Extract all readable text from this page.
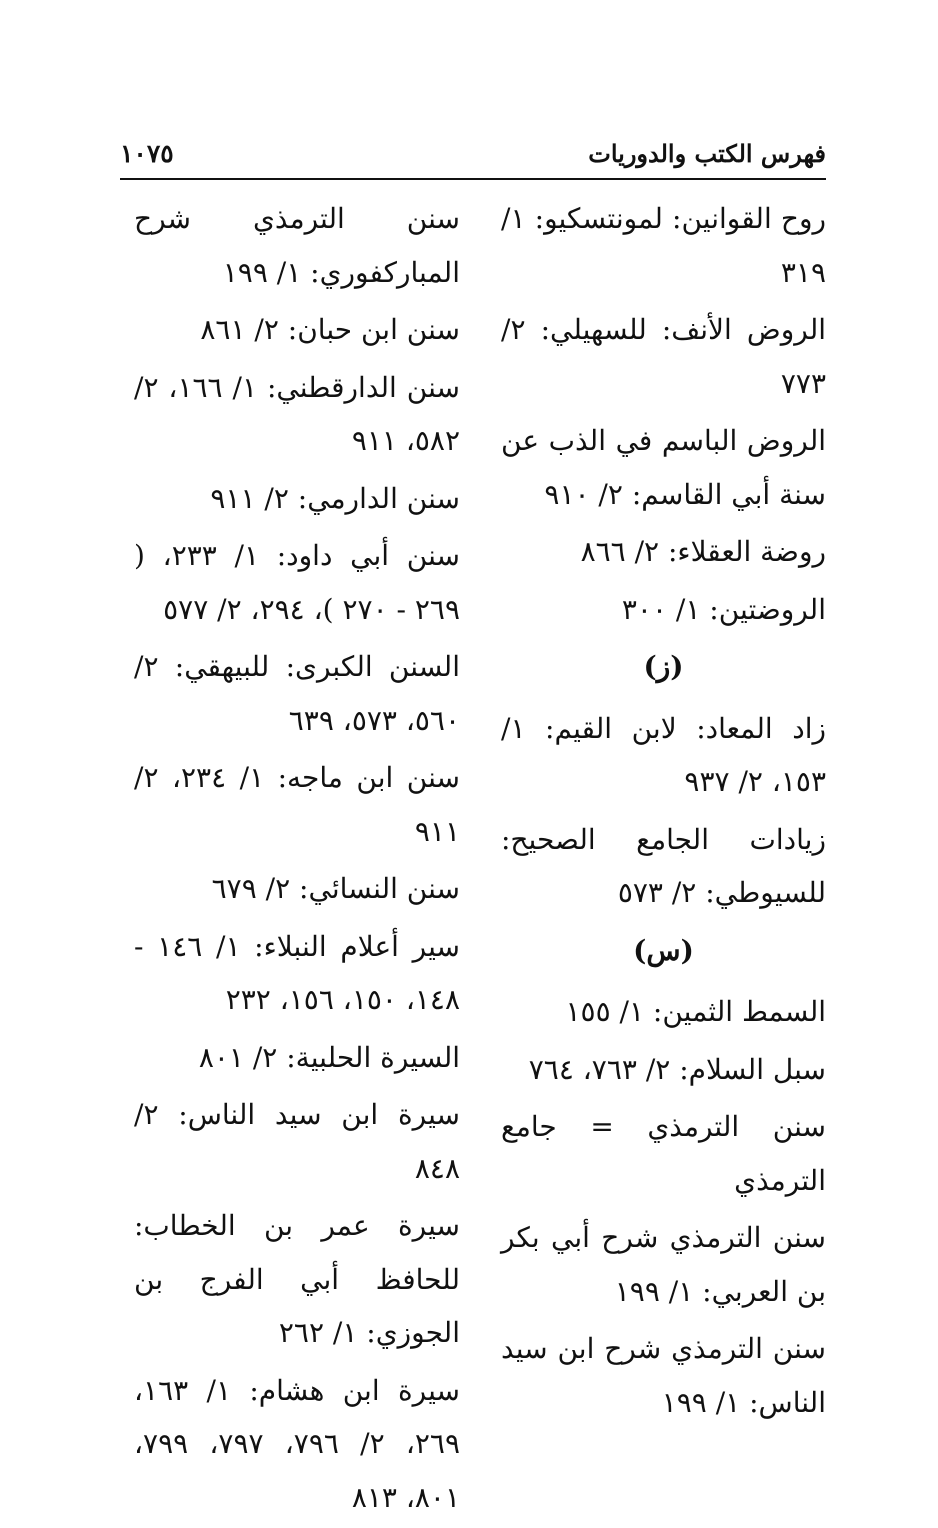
فهرس الكتب والدوريات
١٠٧٥
روح القوانين: لمونتسكيو: ١/ ٣١٩
الروض الأنف: للسهيلي: ٢/ ٧٧٣
الروض الباسم في الذب عن سنة أبي القاسم: ٢/ ٩١٠
روضة العقلاء: ٢/ ٨٦٦
الروضتين: ١/ ٣٠٠
(ز)
زاد المعاد: لابن القيم: ١/ ١٥٣، ٢/ ٩٣٧
زيادات الجامع الصحيح: للسيوطي: ٢/ ٥٧٣
(س)
السمط الثمين: ١/ ١٥٥
سبل السلام: ٢/ ٧٦٣، ٧٦٤
سنن الترمذي = جامع الترمذي
سنن الترمذي شرح أبي بكر بن العربي: ١/ ١٩٩
سنن الترمذي شرح ابن سيد الناس: ١/ ١٩٩
سنن الترمذي شرح المباركفوري: ١/ ١٩٩
سنن ابن حبان: ٢/ ٨٦١
سنن الدارقطني: ١/ ١٦٦، ٢/ ٥٨٢، ٩١١
سنن الدارمي: ٢/ ٩١١
سنن أبي داود: ١/ ٢٣٣، ( ٢٦٩ - ٢٧٠ )، ٢٩٤، ٢/ ٥٧٧
السنن الكبرى: للبيهقي: ٢/ ٥٦٠، ٥٧٣، ٦٣٩
سنن ابن ماجه: ١/ ٢٣٤، ٢/ ٩١١
سنن النسائي: ٢/ ٦٧٩
سير أعلام النبلاء: ١/ ١٤٦ - ١٤٨، ١٥٠، ١٥٦، ٢٣٢
السيرة الحلبية: ٢/ ٨٠١
سيرة ابن سيد الناس: ٢/ ٨٤٨
سيرة عمر بن الخطاب: للحافظ أبي الفرج بن الجوزي: ١/ ٢٦٢
سيرة ابن هشام: ١/ ١٦٣، ٢٦٩، ٢/ ٧٩٦، ٧٩٧، ٧٩٩، ٨٠١، ٨١٣
